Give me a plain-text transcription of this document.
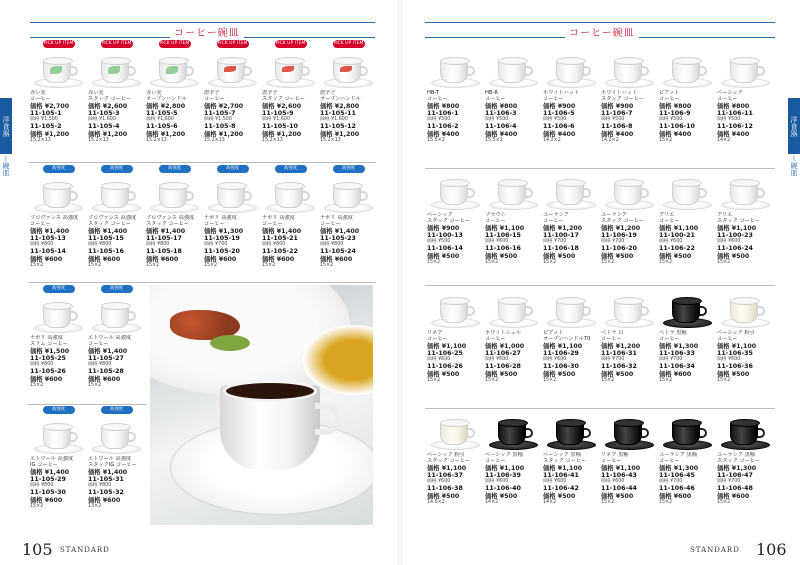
コーヒー碗皿
洋食器
コーヒー碗皿
PICK UP ITEM
赤い実
コーヒー
価格 ¥2,700
11-105-1
価格 ¥1,500
11-105-2
価格 ¥1,200
15.2×13
PICK UP ITEM
赤い実
スタック コーヒー
価格 ¥2,600
11-105-3
価格 ¥1,600
11-105-4
価格 ¥1,200
15.2×13
PICK UP ITEM
赤い実
オープンハンドル
価格 ¥2,800
11-105-5
価格 ¥1,600
11-105-6
価格 ¥1,200
15.2×13
PICK UP ITEM
唐辛子
コーヒー
価格 ¥2,700
11-105-7
価格 ¥1,500
11-105-8
価格 ¥1,200
15.2×13
PICK UP ITEM
唐辛子
スタック コーヒー
価格 ¥2,600
11-105-9
価格 ¥1,600
11-105-10
価格 ¥1,200
15.2×13
PICK UP ITEM
唐辛子
オープンハンドル
価格 ¥2,800
11-105-11
価格 ¥1,600
11-105-12
価格 ¥1,200
15.2×13
高強度
プロヴァンス 高強度
コーヒー
価格 ¥1,400
11-105-13
価格 ¥800
11-105-14
価格 ¥600
15×2
高強度
プロヴァンス 高強度
スタック コーヒー
価格 ¥1,400
11-105-15
価格 ¥800
11-105-16
価格 ¥600
15×2
高強度
プロヴァンス 高強度
スタック コーヒー
価格 ¥1,400
11-105-17
価格 ¥800
11-105-18
価格 ¥600
15×2
高強度
ナポリ 高強度
コーヒー
価格 ¥1,300
11-105-19
価格 ¥700
11-105-20
価格 ¥600
15×2
高強度
ナポリ 高強度
コーヒー
価格 ¥1,400
11-105-21
価格 ¥800
11-105-22
価格 ¥600
15×2
高強度
ナポリ 高強度
コーヒー
価格 ¥1,400
11-105-23
価格 ¥800
11-105-24
価格 ¥600
15×2
高強度
ナポリ 高強度
スリム コーヒー
価格 ¥1,500
11-105-25
価格 ¥800
11-105-26
価格 ¥600
15×2
高強度
エトワール 高強度
コーヒー
価格 ¥1,400
11-105-27
価格 ¥800
11-105-28
価格 ¥600
15×2
高強度
エトワール 高強度
IG コーヒー
価格 ¥1,400
11-105-29
価格 ¥800
11-105-30
価格 ¥600
15×2
高強度
エトワール 高強度
スタックIG コーヒー
価格 ¥1,400
11-105-31
価格 ¥800
11-105-32
価格 ¥600
13×2
105 STANDARD
コーヒー碗皿
洋食器
コーヒー碗皿
HB-T
コーヒー
価格 ¥800
11-106-1
価格 ¥500
11-106-2
価格 ¥400
15.5×2
HB-R
コーヒー
価格 ¥800
11-106-3
価格 ¥500
11-106-4
価格 ¥400
15.5×2
ホワイトハット
コーヒー
価格 ¥900
11-106-5
価格 ¥500
11-106-6
価格 ¥400
14.2×2
ホワイトハット
スタック コーヒー
価格 ¥900
11-106-7
価格 ¥500
11-106-8
価格 ¥400
14.2×2
ピアット
コーヒー
価格 ¥800
11-106-9
価格 ¥500
11-106-10
価格 ¥400
15×2
ベーシック
コーヒー
価格 ¥800
11-106-11
価格 ¥500
11-106-12
価格 ¥400
14×2
ベーシック
スタック コーヒー
価格 ¥900
11-100-13
価格 ¥500
11-106-14
価格 ¥500
15×2
ブラウト
コーヒー
価格 ¥1,100
11-106-15
価格 ¥600
11-106-16
価格 ¥500
15×2
ユーラシア
コーヒー
価格 ¥1,200
11-100-17
価格 ¥700
11-106-18
価格 ¥500
15×2
ユーラシア
スタック コーヒー
価格 ¥1,200
11-106-19
価格 ¥700
11-106-20
価格 ¥500
15×2
アリエ
コーヒー
価格 ¥1,100
11-100-21
価格 ¥600
11-106-22
価格 ¥500
15×2
アリエ
スタック コーヒー
価格 ¥1,100
11-100-23
価格 ¥600
11-106-24
価格 ¥500
15×2
リネア
コーヒー
価格 ¥1,100
11-106-25
価格 ¥600
11-106-26
価格 ¥500
15×2
ホワイトシェル
コーヒー
価格 ¥1,000
11-106-27
価格 ¥600
11-106-28
価格 ¥500
15×2
ピアット
オープンハンドル70
価格 ¥1,100
11-106-29
価格 ¥600
11-106-30
価格 ¥500
15×2
ペトラ 白
コーヒー
価格 ¥1,200
11-106-31
価格 ¥700
11-106-32
価格 ¥500
15×2
ペトラ 黒釉
コーヒー
価格 ¥1,300
11-106-33
価格 ¥700
11-106-34
価格 ¥600
15×2
ベーシック 粉引
コーヒー
価格 ¥1,100
11-106-35
価格 ¥600
11-106-36
価格 ¥500
15×2
ベーシック 粉引
スタック コーヒー
価格 ¥1,100
11-106-37
価格 ¥600
11-106-38
価格 ¥500
14.6×2
ベーシック 黒釉
コーヒー
価格 ¥1,100
11-106-39
価格 ¥600
11-106-40
価格 ¥500
14×2
ベーシック 黒釉
スタック コーヒー
価格 ¥1,100
11-106-41
価格 ¥600
11-106-42
価格 ¥500
14×2
リネア 黒釉
コーヒー
価格 ¥1,100
11-106-43
価格 ¥600
11-106-44
価格 ¥500
15×2
ユーラシア 黒釉
コーヒー
価格 ¥1,300
11-106-45
価格 ¥700
11-106-46
価格 ¥600
15×2
ユーラシア 黒釉
スタック コーヒー
価格 ¥1,300
11-106-47
価格 ¥700
11-106-48
価格 ¥600
15×2
106
STANDARD
